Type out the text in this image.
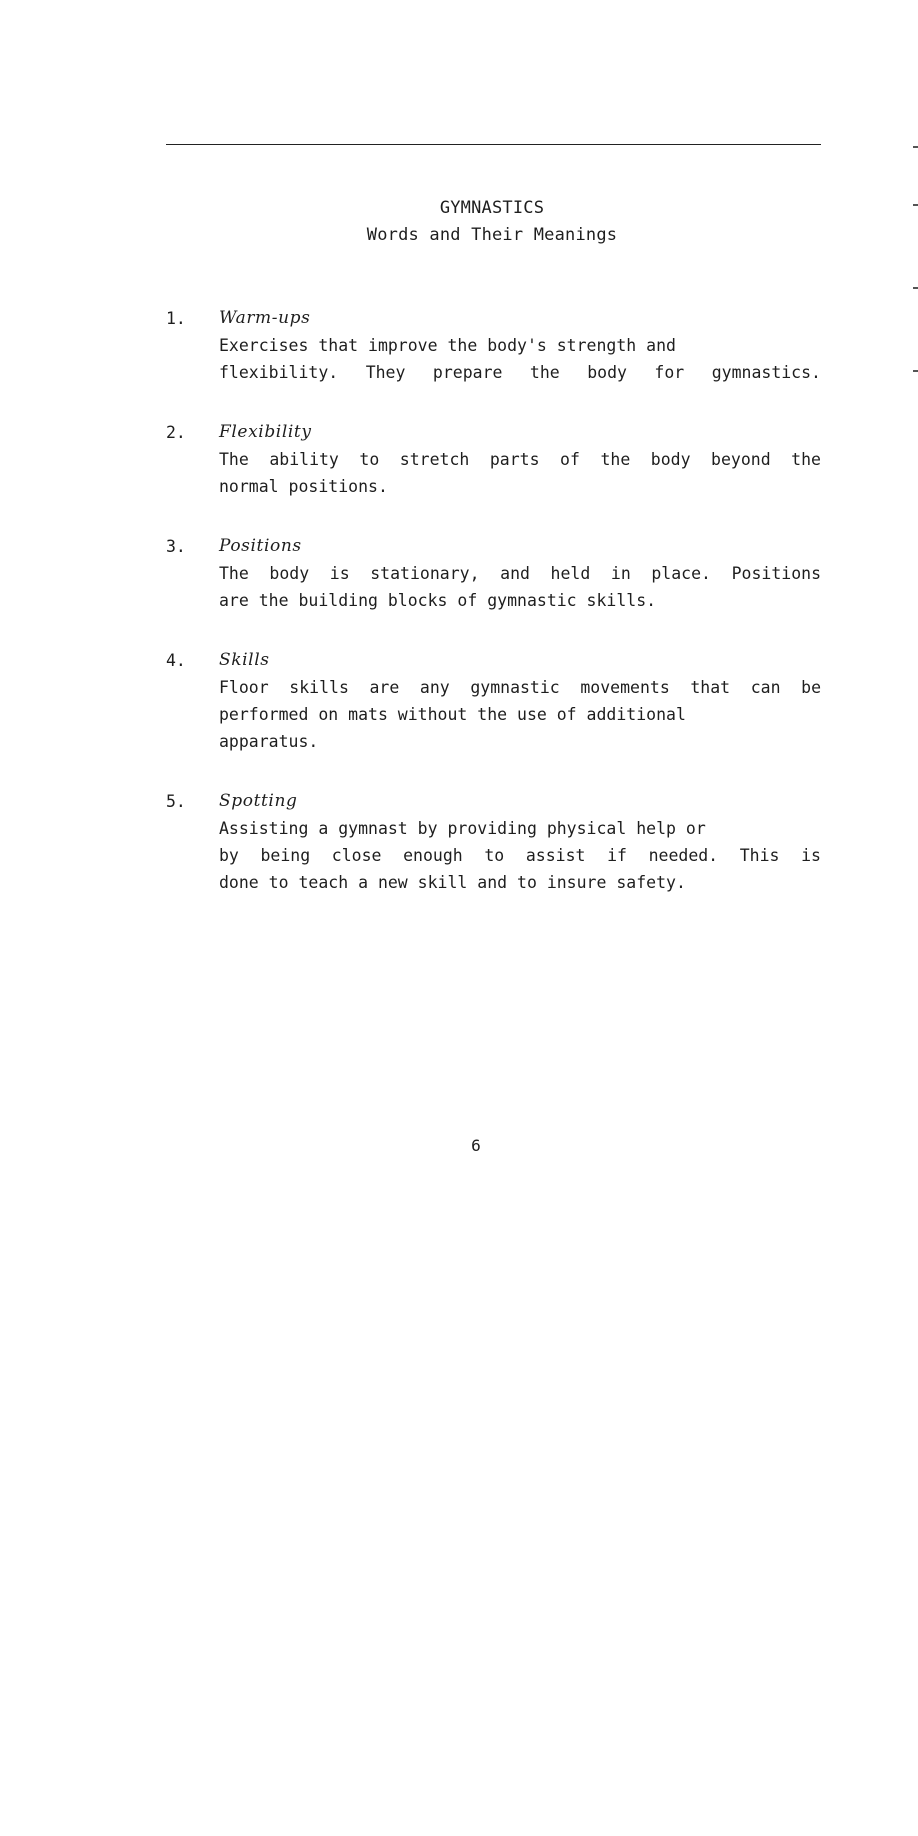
GYMNASTICS
Words and Their Meanings
1. Warm-ups
Exercises that improve the body's strength and
flexibility. They prepare the body for gymnastics.
2. Flexibility
The ability to stretch parts of the body beyond the
normal positions.
3. Positions
The body is stationary, and held in place. Positions
are the building blocks of gymnastic skills.
4. Skills
Floor skills are any gymnastic movements that can be
performed on mats without the use of additional
apparatus.
5. Spotting
Assisting a gymnast by providing physical help or
by being close enough to assist if needed. This is
done to teach a new skill and to insure safety.
6
